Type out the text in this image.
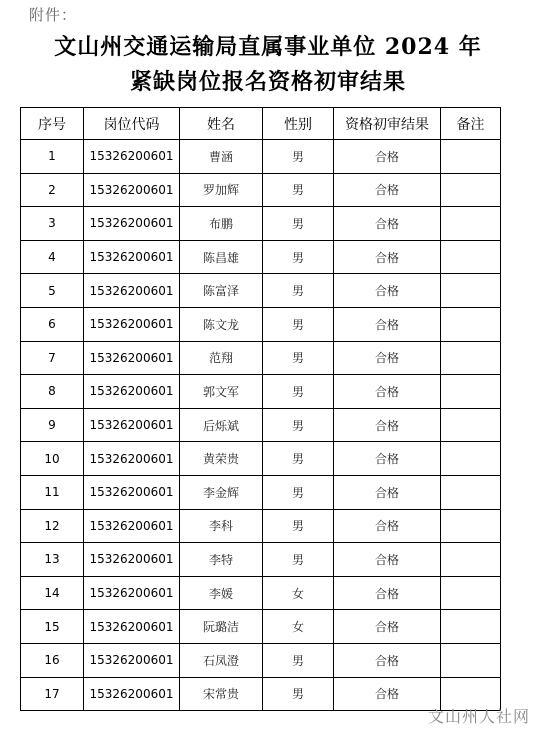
附件：
文山州交通运输局直属事业单位 2024 年
紧缺岗位报名资格初审结果
序号	岗位代码	姓名	性别	资格初审结果	备注
1	15326200601	曹涵	男	合格	
2	15326200601	罗加辉	男	合格	
3	15326200601	布鹏	男	合格	
4	15326200601	陈昌雄	男	合格	
5	15326200601	陈富泽	男	合格	
6	15326200601	陈文龙	男	合格	
7	15326200601	范翔	男	合格	
8	15326200601	郭文军	男	合格	
9	15326200601	后烁斌	男	合格	
10	15326200601	黄荣贵	男	合格	
11	15326200601	李金辉	男	合格	
12	15326200601	李科	男	合格	
13	15326200601	李特	男	合格	
14	15326200601	李媛	女	合格	
15	15326200601	阮璐洁	女	合格	
16	15326200601	石凤澄	男	合格	
17	15326200601	宋常贵	男	合格	
文山州人社网
